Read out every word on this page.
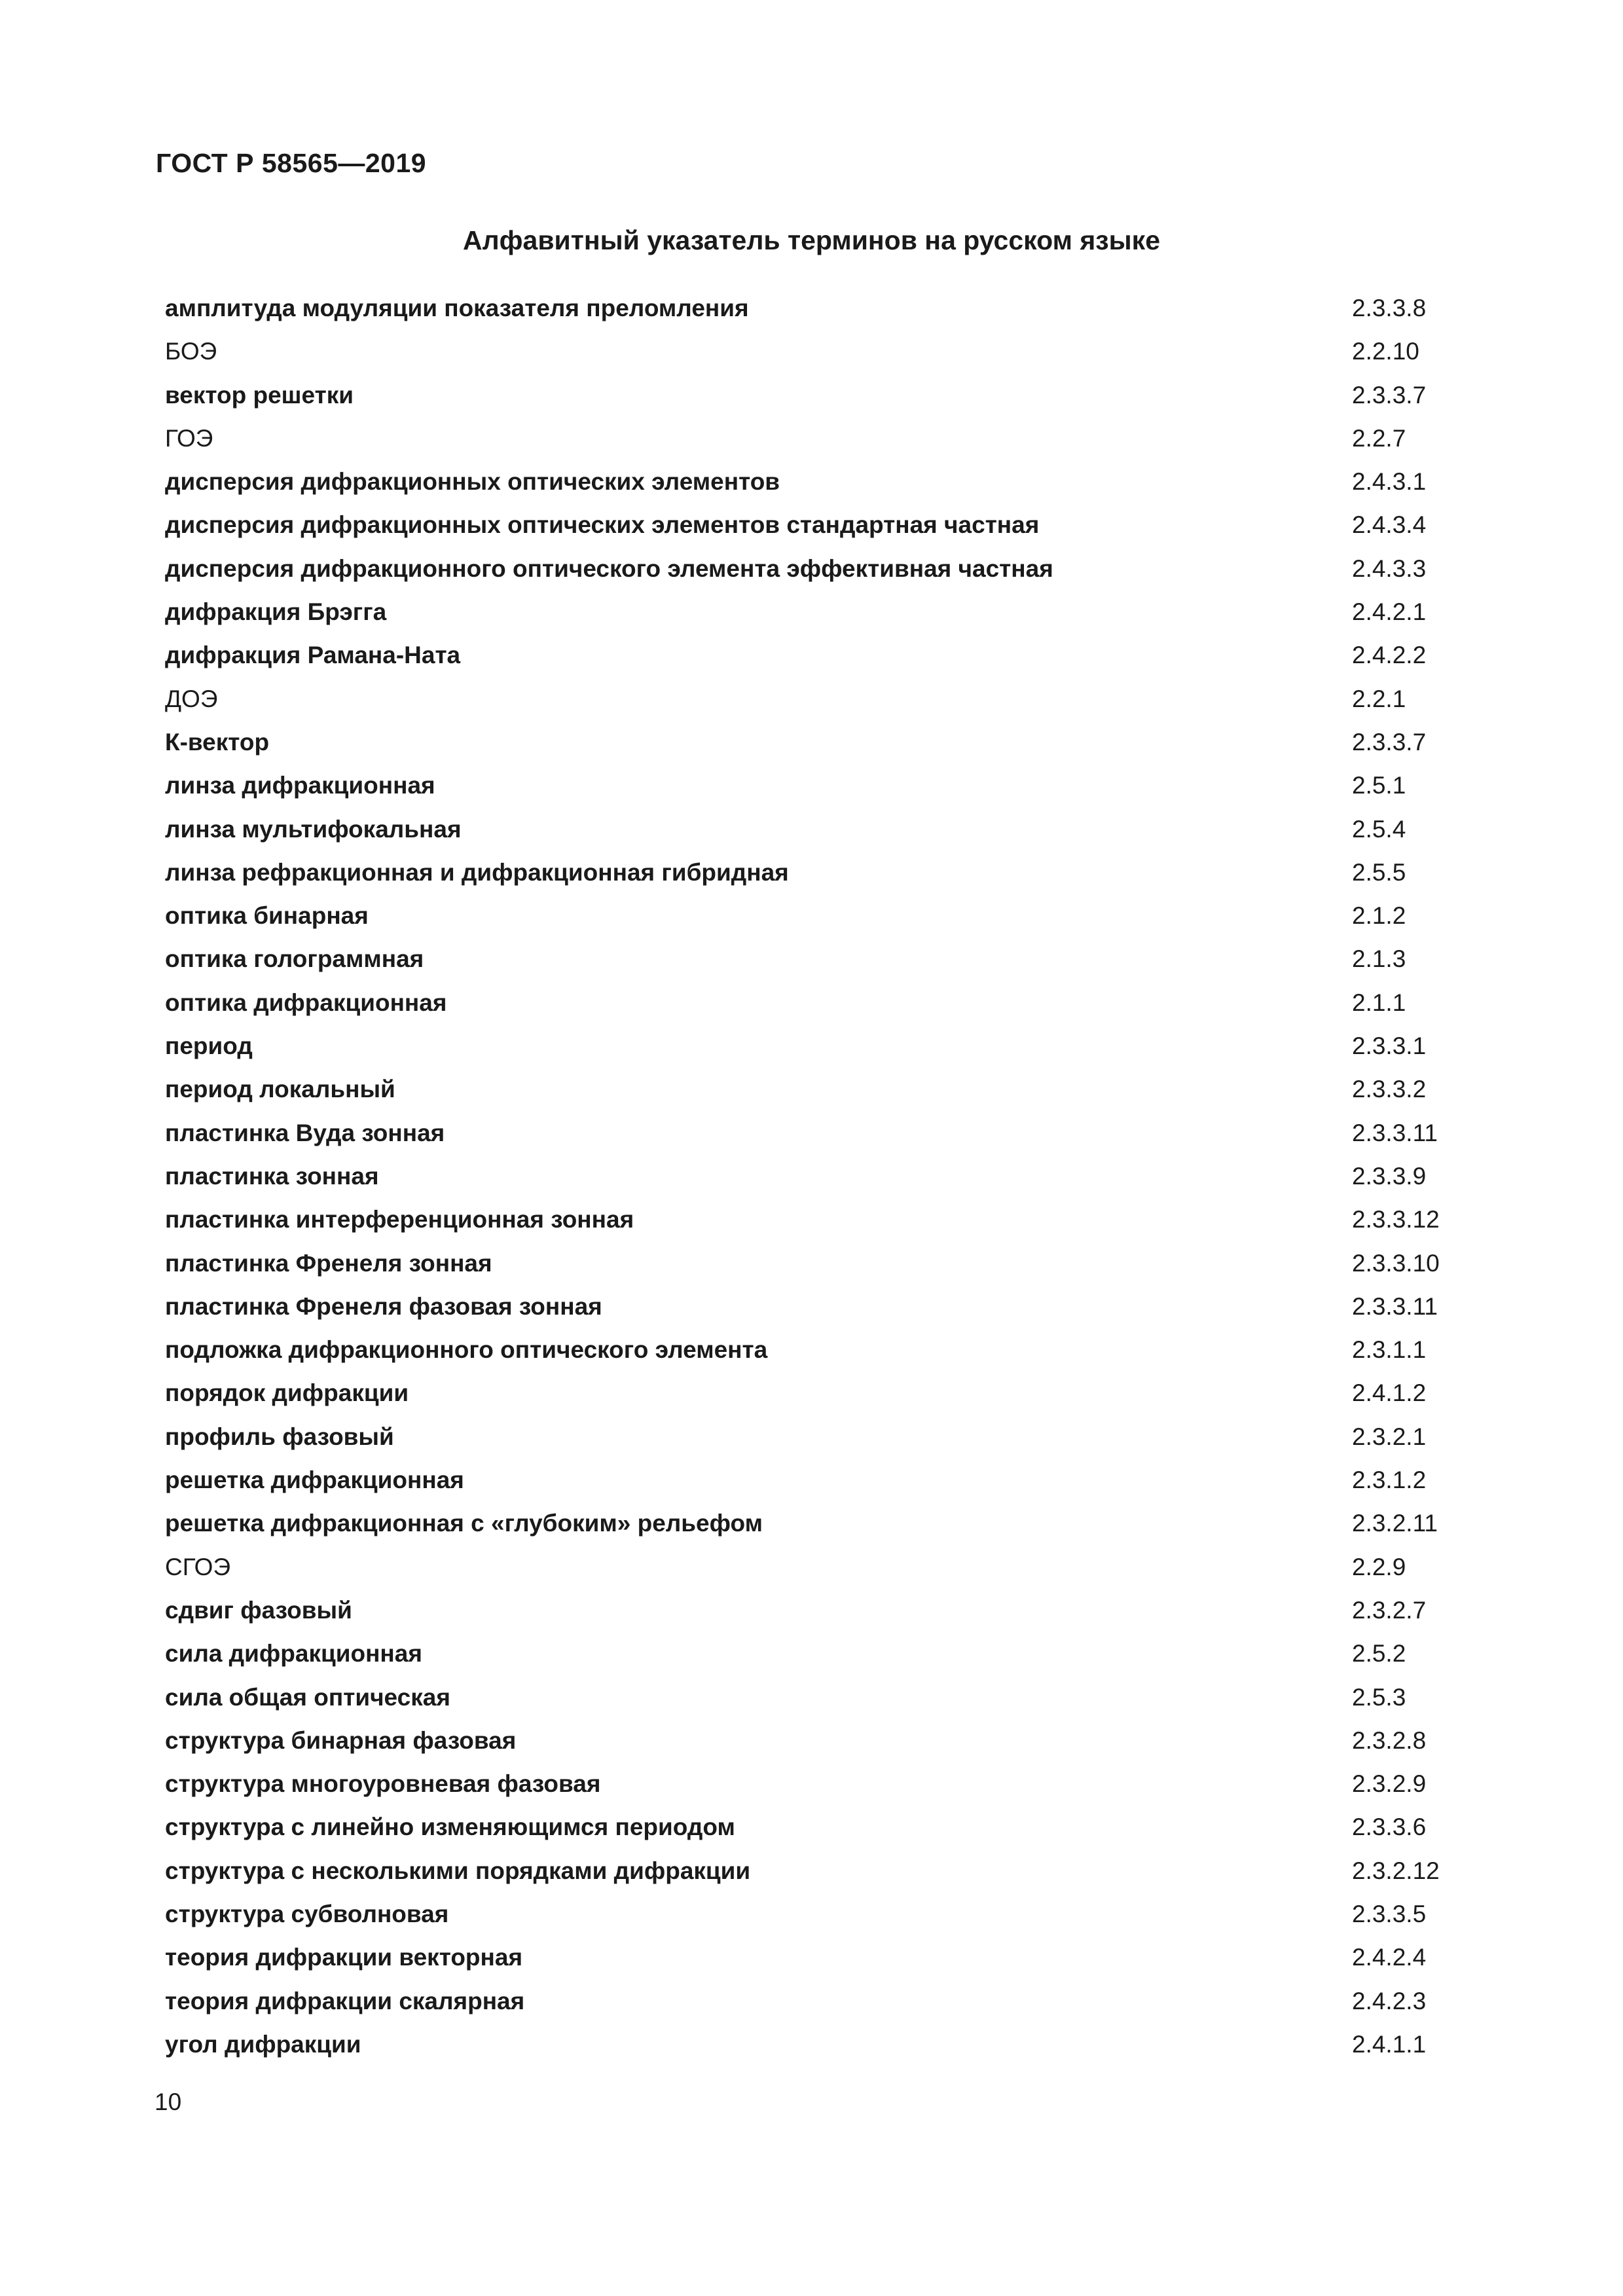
ГОСТ Р 58565—2019
Алфавитный указатель терминов на русском языке
амплитуда модуляции показателя преломления	2.3.3.8
БОЭ	2.2.10
вектор решетки	2.3.3.7
ГОЭ	2.2.7
дисперсия дифракционных оптических элементов	2.4.3.1
дисперсия дифракционных оптических элементов стандартная частная	2.4.3.4
дисперсия дифракционного оптического элемента эффективная частная	2.4.3.3
дифракция Брэгга	2.4.2.1
дифракция Рамана-Ната	2.4.2.2
ДОЭ	2.2.1
К-вектор	2.3.3.7
линза дифракционная	2.5.1
линза мультифокальная	2.5.4
линза рефракционная и дифракционная гибридная	2.5.5
оптика бинарная	2.1.2
оптика голограммная	2.1.3
оптика дифракционная	2.1.1
период	2.3.3.1
период локальный	2.3.3.2
пластинка Вуда зонная	2.3.3.11
пластинка зонная	2.3.3.9
пластинка интерференционная зонная	2.3.3.12
пластинка Френеля зонная	2.3.3.10
пластинка Френеля фазовая зонная	2.3.3.11
подложка дифракционного оптического элемента	2.3.1.1
порядок дифракции	2.4.1.2
профиль фазовый	2.3.2.1
решетка дифракционная	2.3.1.2
решетка дифракционная с «глубоким» рельефом	2.3.2.11
СГОЭ	2.2.9
сдвиг фазовый	2.3.2.7
сила дифракционная	2.5.2
сила общая оптическая	2.5.3
структура бинарная фазовая	2.3.2.8
структура многоуровневая фазовая	2.3.2.9
структура с линейно изменяющимся периодом	2.3.3.6
структура с несколькими порядками дифракции	2.3.2.12
структура субволновая	2.3.3.5
теория дифракции векторная	2.4.2.4
теория дифракции скалярная	2.4.2.3
угол дифракции	2.4.1.1
10
